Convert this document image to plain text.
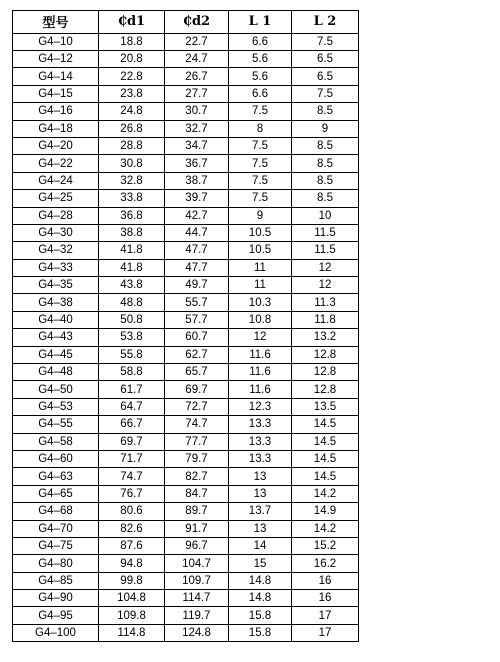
型号	₵d1	₵d2	L 1	L 2
G4–10	18.8	22.7	6.6	7.5
G4–12	20.8	24.7	5.6	6.5
G4–14	22.8	26.7	5.6	6.5
G4–15	23.8	27.7	6.6	7.5
G4–16	24.8	30.7	7.5	8.5
G4–18	26.8	32.7	8	9
G4–20	28.8	34.7	7.5	8.5
G4–22	30.8	36.7	7.5	8.5
G4–24	32.8	38.7	7.5	8.5
G4–25	33.8	39.7	7.5	8.5
G4–28	36.8	42.7	9	10
G4–30	38.8	44.7	10.5	11.5
G4–32	41.8	47.7	10.5	11.5
G4–33	41.8	47.7	11	12
G4–35	43.8	49.7	11	12
G4–38	48.8	55.7	10.3	11.3
G4–40	50.8	57.7	10.8	11.8
G4–43	53.8	60.7	12	13.2
G4–45	55.8	62.7	11.6	12.8
G4–48	58.8	65.7	11.6	12.8
G4–50	61.7	69.7	11.6	12.8
G4–53	64.7	72.7	12.3	13.5
G4–55	66.7	74.7	13.3	14.5
G4–58	69.7	77.7	13.3	14.5
G4–60	71.7	79.7	13.3	14.5
G4–63	74.7	82.7	13	14.5
G4–65	76.7	84.7	13	14.2
G4–68	80.6	89.7	13.7	14.9
G4–70	82.6	91.7	13	14.2
G4–75	87.6	96.7	14	15.2
G4–80	94.8	104.7	15	16.2
G4–85	99.8	109.7	14.8	16
G4–90	104.8	114.7	14.8	16
G4–95	109.8	119.7	15.8	17
G4–100	114.8	124.8	15.8	17
